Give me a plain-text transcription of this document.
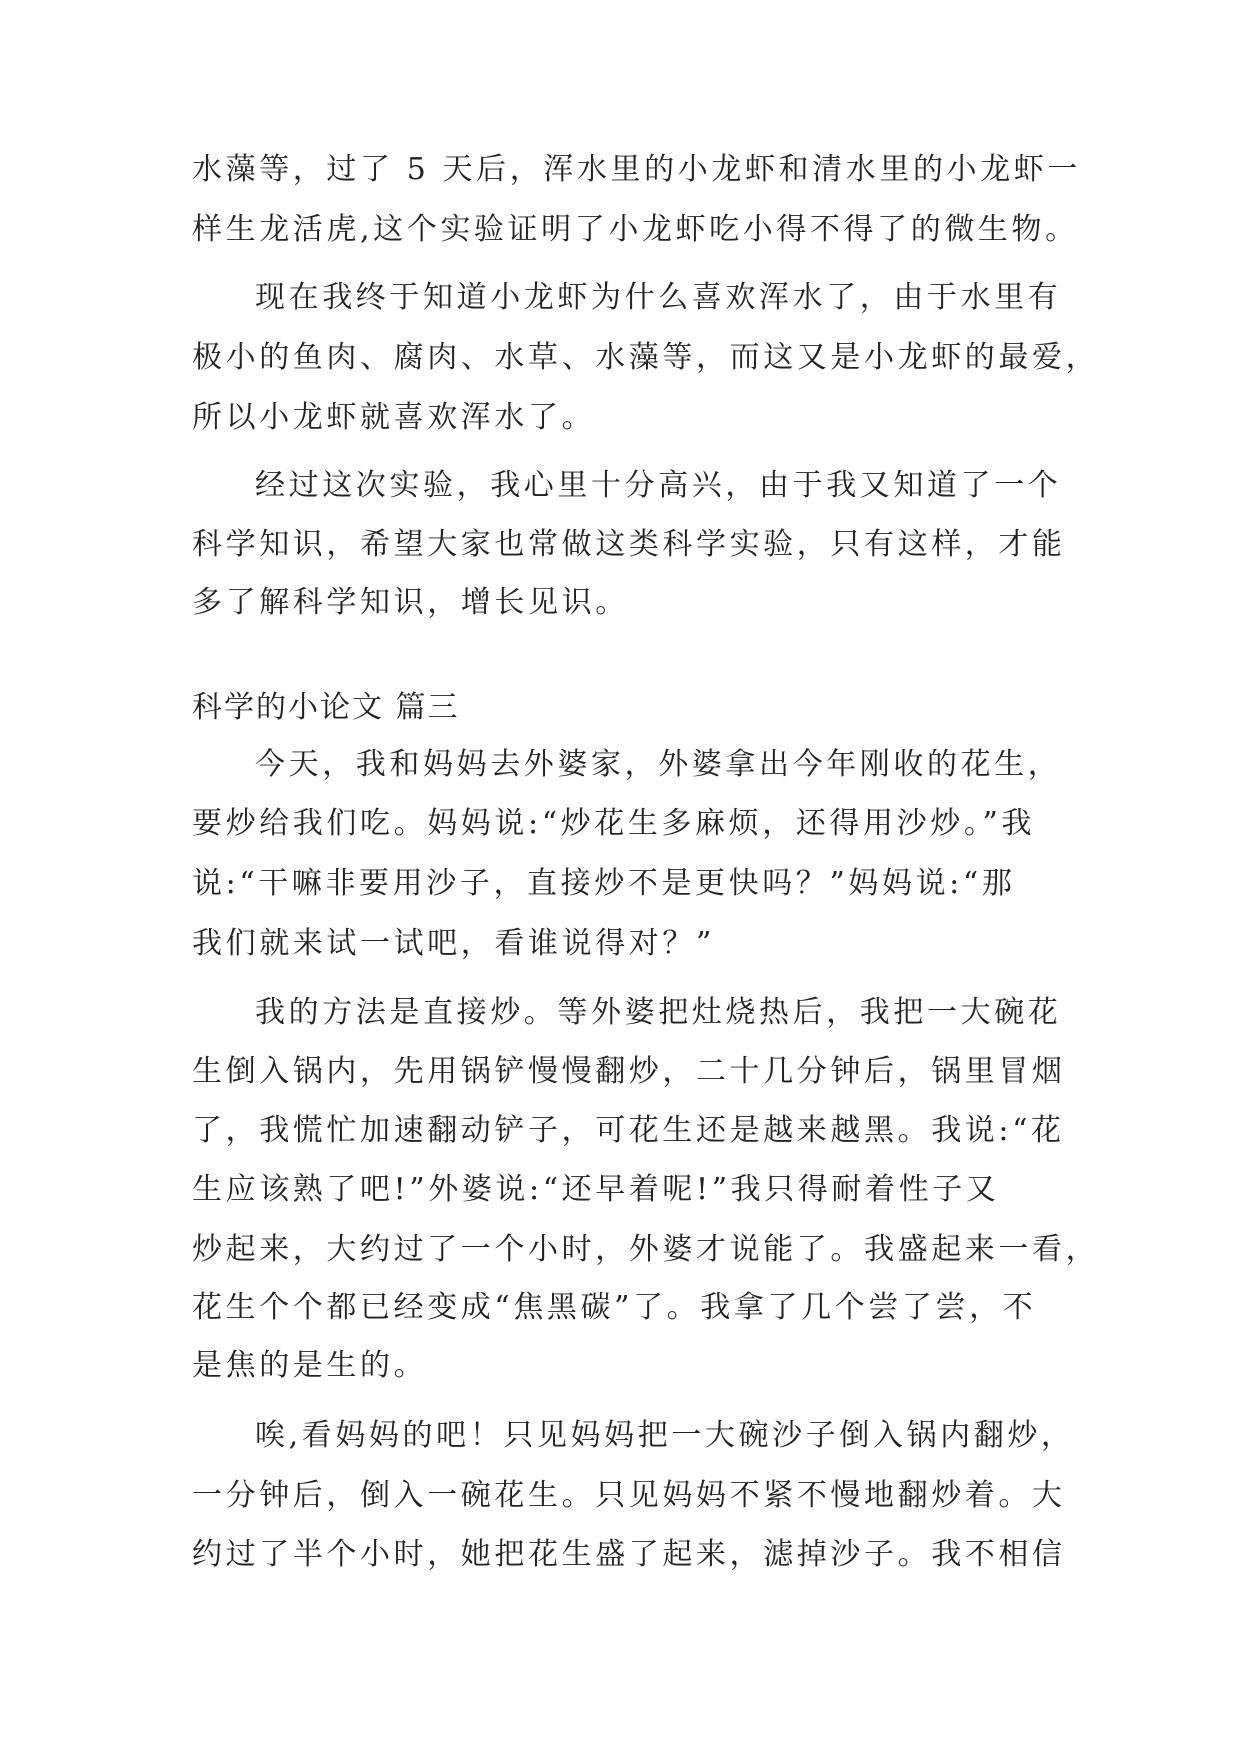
水藻等，过了 5 天后，浑水里的小龙虾和清水里的小龙虾一
样生龙活虎,这个实验证明了小龙虾吃小得不得了的微生物。
现在我终于知道小龙虾为什么喜欢浑水了，由于水里有
极小的鱼肉、腐肉、水草、水藻等，而这又是小龙虾的最爱，
所以小龙虾就喜欢浑水了。
经过这次实验，我心里十分高兴，由于我又知道了一个
科学知识，希望大家也常做这类科学实验，只有这样，才能
多了解科学知识，增长见识。
科学的小论文 篇三
今天，我和妈妈去外婆家，外婆拿出今年刚收的花生，
要炒给我们吃。妈妈说:“炒花生多麻烦，还得用沙炒。”我
说:“干嘛非要用沙子，直接炒不是更快吗？”妈妈说:“那
我们就来试一试吧，看谁说得对？”
我的方法是直接炒。等外婆把灶烧热后，我把一大碗花
生倒入锅内，先用锅铲慢慢翻炒，二十几分钟后，锅里冒烟
了，我慌忙加速翻动铲子，可花生还是越来越黑。我说:“花
生应该熟了吧!”外婆说:“还早着呢!”我只得耐着性子又
炒起来，大约过了一个小时，外婆才说能了。我盛起来一看，
花生个个都已经变成“焦黑碳”了。我拿了几个尝了尝，不
是焦的是生的。
唉,看妈妈的吧！只见妈妈把一大碗沙子倒入锅内翻炒，
一分钟后，倒入一碗花生。只见妈妈不紧不慢地翻炒着。大
约过了半个小时，她把花生盛了起来，滤掉沙子。我不相信
